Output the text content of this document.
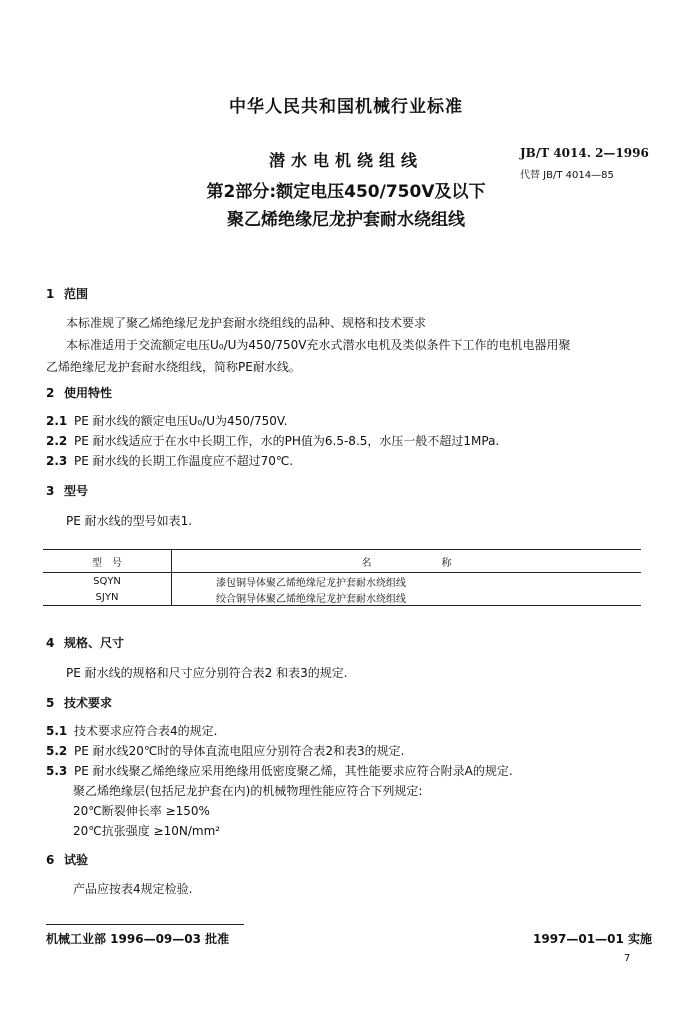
中华人民共和国机械行业标准
潜水电机绕组线
第2部分:额定电压450/750V及以下
聚乙烯绝缘尼龙护套耐水绕组线
JB/T 4014. 2—1996
代替 JB/T 4014—85
1 范围
本标准规了聚乙烯绝缘尼龙护套耐水绕组线的品种、规格和技术要求
本标准适用于交流额定电压U₀/U为450/750V充水式潜水电机及类似条件下工作的电机电器用聚
乙烯绝缘尼龙护套耐水绕组线，简称PE耐水线。
2 使用特性
2.1 PE 耐水线的额定电压U₀/U为450/750V.
2.2 PE 耐水线适应于在水中长期工作，水的PH值为6.5-8.5，水压一般不超过1MPa.
2.3 PE 耐水线的长期工作温度应不超过70℃.
3 型号
PE 耐水线的型号如表1.
型　号	名　　　　　　　称
SQYN	漆包铜导体聚乙烯绝缘尼龙护套耐水绕组线
SJYN	绞合铜导体聚乙烯绝缘尼龙护套耐水绕组线
4 规格、尺寸
PE 耐水线的规格和尺寸应分别符合表2 和表3的规定.
5 技术要求
5.1 技术要求应符合表4的规定.
5.2 PE 耐水线20℃时的导体直流电阻应分别符合表2和表3的规定.
5.3 PE 耐水线聚乙烯绝缘应采用绝缘用低密度聚乙烯，其性能要求应符合附录A的规定.
聚乙烯绝缘层(包括尼龙护套在内)的机械物理性能应符合下列规定:
20℃断裂伸长率 ≥150%
20℃抗张强度 ≥10N/mm²
6 试验
产品应按表4规定检验.
机械工业部 1996—09—03 批准	1997—01—01 实施
7
